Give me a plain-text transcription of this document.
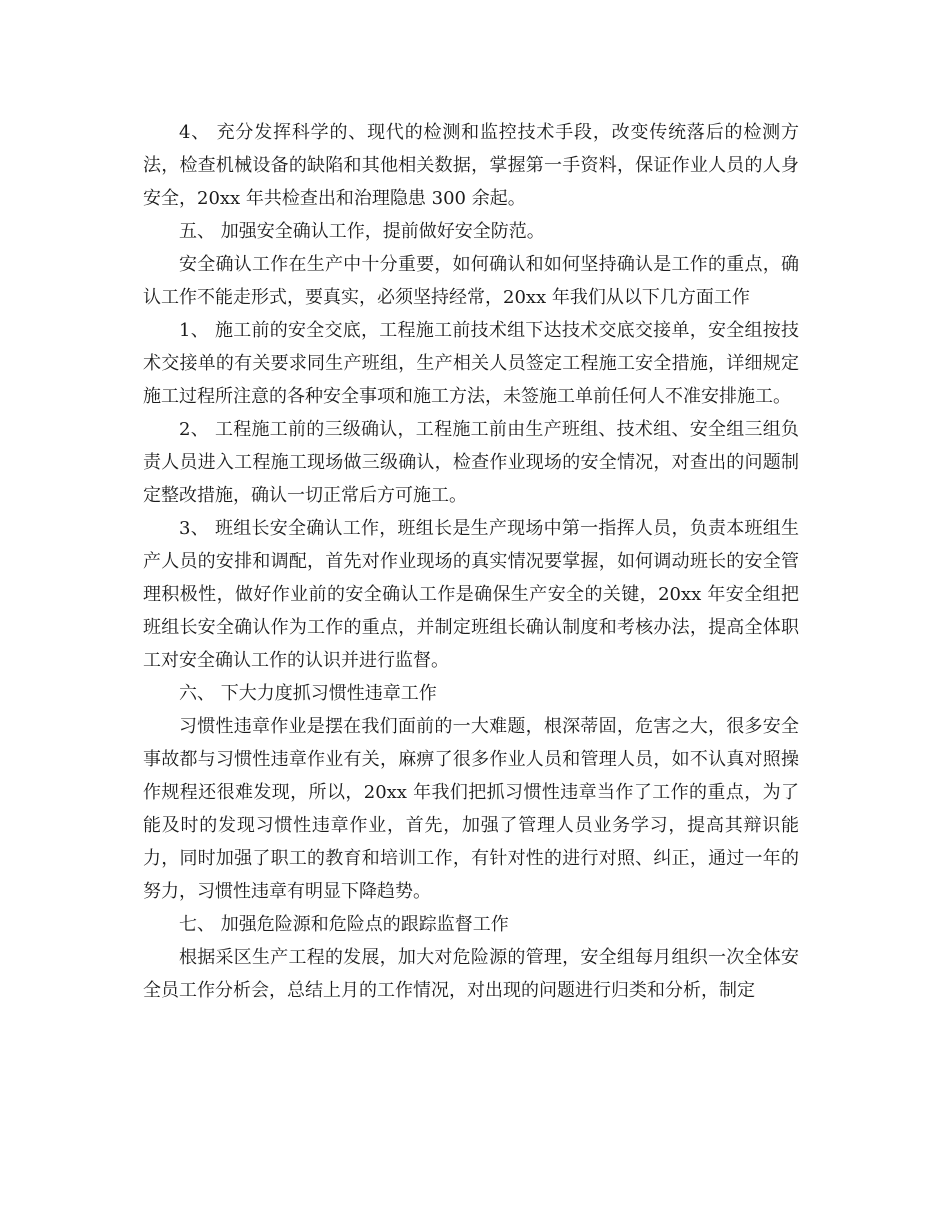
4、 充分发挥科学的、现代的检测和监控技术手段，改变传统落后的检测方法，检查机械设备的缺陷和其他相关数据，掌握第一手资料，保证作业人员的人身安全，20xx 年共检查出和治理隐患 300 余起。

五、 加强安全确认工作，提前做好安全防范。

安全确认工作在生产中十分重要，如何确认和如何坚持确认是工作的重点，确认工作不能走形式，要真实，必须坚持经常，20xx 年我们从以下几方面工作

1、 施工前的安全交底，工程施工前技术组下达技术交底交接单，安全组按技术交接单的有关要求同生产班组，生产相关人员签定工程施工安全措施，详细规定施工过程所注意的各种安全事项和施工方法，未签施工单前任何人不准安排施工。

2、 工程施工前的三级确认，工程施工前由生产班组、技术组、安全组三组负责人员进入工程施工现场做三级确认，检查作业现场的安全情况，对查出的问题制定整改措施，确认一切正常后方可施工。

3、 班组长安全确认工作，班组长是生产现场中第一指挥人员，负责本班组生产人员的安排和调配，首先对作业现场的真实情况要掌握，如何调动班长的安全管理积极性，做好作业前的安全确认工作是确保生产安全的关键，20xx 年安全组把班组长安全确认作为工作的重点，并制定班组长确认制度和考核办法，提高全体职工对安全确认工作的认识并进行监督。

六、 下大力度抓习惯性违章工作

习惯性违章作业是摆在我们面前的一大难题，根深蒂固，危害之大，很多安全事故都与习惯性违章作业有关，麻痹了很多作业人员和管理人员，如不认真对照操作规程还很难发现，所以，20xx 年我们把抓习惯性违章当作了工作的重点，为了能及时的发现习惯性违章作业，首先，加强了管理人员业务学习，提高其辩识能力，同时加强了职工的教育和培训工作，有针对性的进行对照、纠正，通过一年的努力，习惯性违章有明显下降趋势。

七、 加强危险源和危险点的跟踪监督工作

根据采区生产工程的发展，加大对危险源的管理，安全组每月组织一次全体安全员工作分析会，总结上月的工作情况，对出现的问题进行归类和分析，制定
